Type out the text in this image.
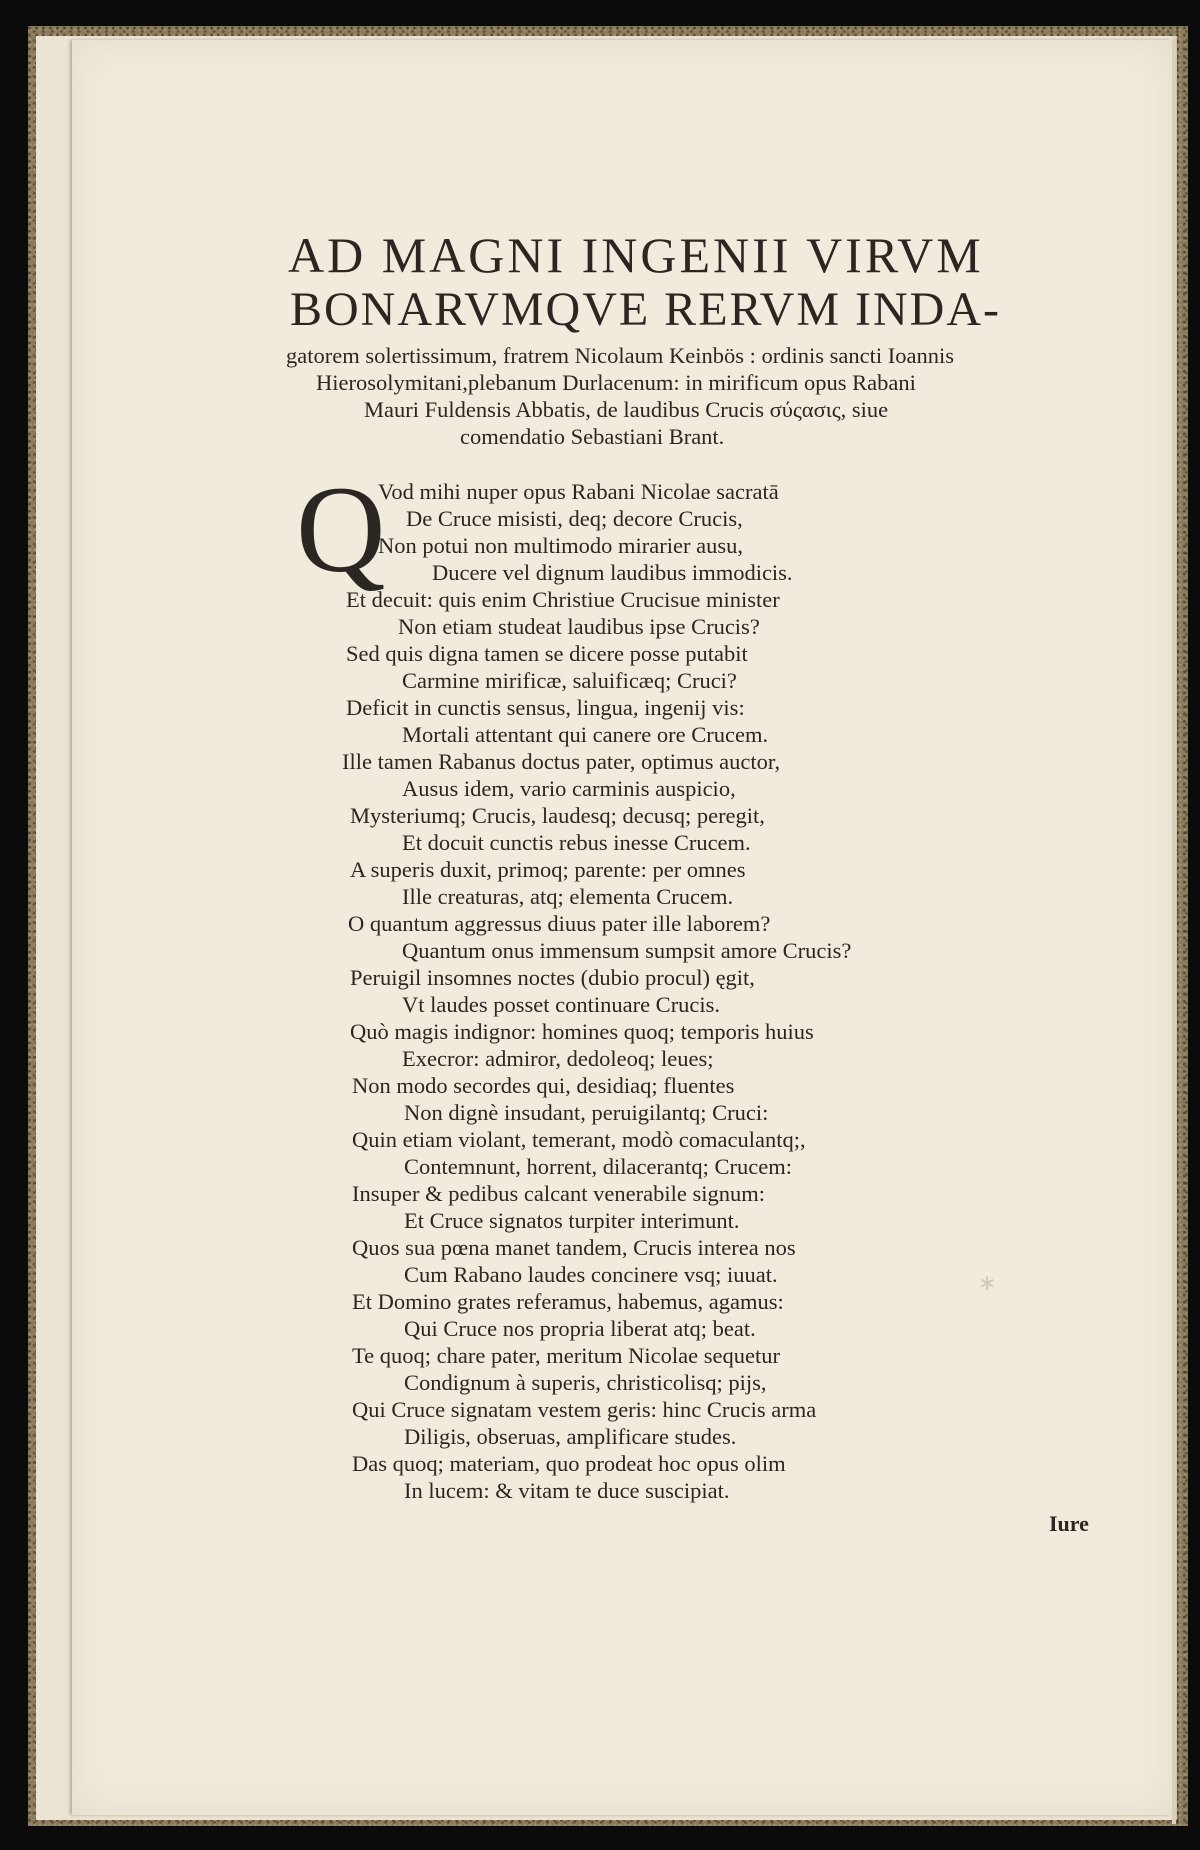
∗
AD MAGNI INGENII VIRVM
BONARVMQVE RERVM INDA-
gatorem solertissimum, fratrem Nicolaum Keinbös : ordinis sancti Ioannis
Hierosolymitani,plebanum Durlacenum: in mirificum opus Rabani
Mauri Fuldensis Abbatis, de laudibus Crucis σύςασις, siue
comendatio Sebastiani Brant.
Q
Vod mihi nuper opus Rabani Nicolae sacratā
De Cruce misisti, deq; decore Crucis,
Non potui non multimodo mirarier ausu,
Ducere vel dignum laudibus immodicis.
Et decuit: quis enim Christiue Crucisue minister
Non etiam studeat laudibus ipse Crucis?
Sed quis digna tamen se dicere posse putabit
Carmine mirificæ, saluificæq; Cruci?
Deficit in cunctis sensus, lingua, ingenij vis:
Mortali attentant qui canere ore Crucem.
Ille tamen Rabanus doctus pater, optimus auctor,
Ausus idem, vario carminis auspicio,
Mysteriumq; Crucis, laudesq; decusq; peregit,
Et docuit cunctis rebus inesse Crucem.
A superis duxit, primoq; parente: per omnes
Ille creaturas, atq; elementa Crucem.
O quantum aggressus diuus pater ille laborem?
Quantum onus immensum sumpsit amore Crucis?
Peruigil insomnes noctes (dubio procul) ęgit,
Vt laudes posset continuare Crucis.
Quò magis indignor: homines quoq; temporis huius
Execror: admiror, dedoleoq; leues;
Non modo secordes qui, desidiaq; fluentes
Non dignè insudant, peruigilantq; Cruci:
Quin etiam violant, temerant, modò comaculantq;,
Contemnunt, horrent, dilacerantq; Crucem:
Insuper & pedibus calcant venerabile signum:
Et Cruce signatos turpiter interimunt.
Quos sua pœna manet tandem, Crucis interea nos
Cum Rabano laudes concinere vsq; iuuat.
Et Domino grates referamus, habemus, agamus:
Qui Cruce nos propria liberat atq; beat.
Te quoq; chare pater, meritum Nicolae sequetur
Condignum à superis, christicolisq; pijs,
Qui Cruce signatam vestem geris: hinc Crucis arma
Diligis, obseruas, amplificare studes.
Das quoq; materiam, quo prodeat hoc opus olim
In lucem: & vitam te duce suscipiat.
Iure
